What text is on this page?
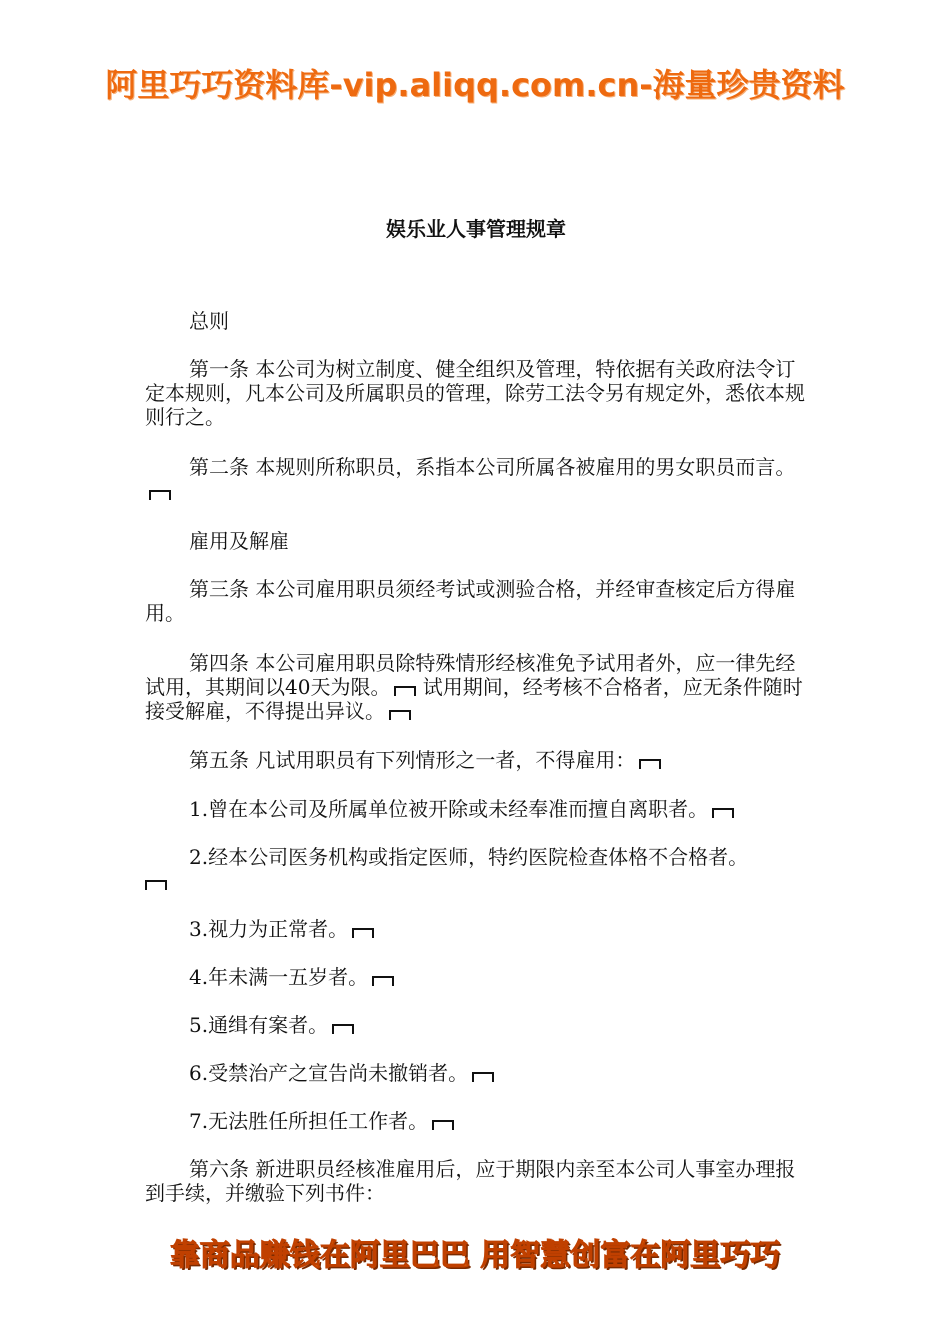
阿里巧巧资料库-vip.aliqq.com.cn-海量珍贵资料
娱乐业人事管理规章

总则

第一条 本公司为树立制度、健全组织及管理，特依据有关政府法令订定本规则，凡本公司及所属职员的管理，除劳工法令另有规定外，悉依本规则行之。

第二条 本规则所称职员，系指本公司所属各被雇用的男女职员而言。

雇用及解雇

第三条 本公司雇用职员须经考试或测验合格，并经审查核定后方得雇用。

第四条 本公司雇用职员除特殊情形经核准免予试用者外，应一律先经试用，其期间以40天为限。 试用期间，经考核不合格者，应无条件随时接受解雇，不得提出异议。

第五条 凡试用职员有下列情形之一者，不得雇用：

1.曾在本公司及所属单位被开除或未经奉准而擅自离职者。

2.经本公司医务机构或指定医师，特约医院检查体格不合格者。

3.视力为正常者。

4.年未满一五岁者。

5.通缉有案者。

6.受禁治产之宣告尚未撤销者。

7.无法胜任所担任工作者。

第六条 新进职员经核准雇用后，应于期限内亲至本公司人事室办理报到手续，并缴验下列书件：

靠商品赚钱在阿里巴巴 用智慧创富在阿里巧巧
